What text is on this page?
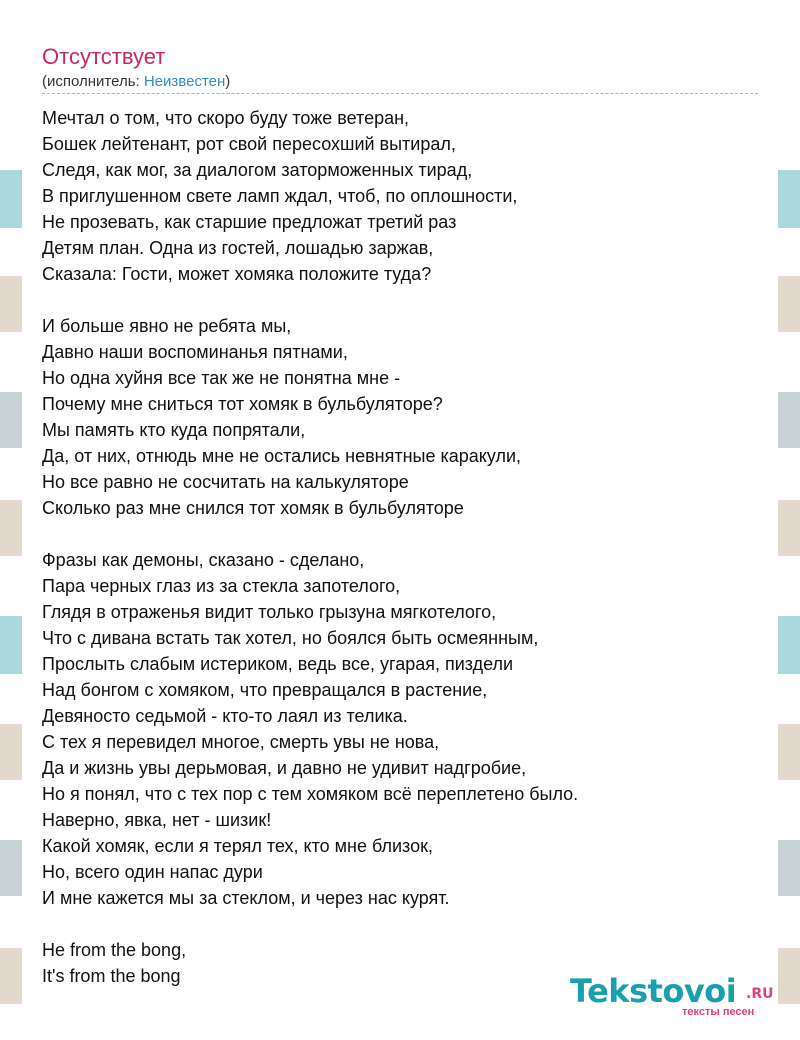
Отсутствует
(исполнитель: Неизвестен)
Мечтал о том, что скоро буду тоже ветеран,
Бошек лейтенант, рот свой пересохший вытирал,
Следя, как мог, за диалогом заторможенных тирад,
В приглушенном свете ламп ждал, чтоб, по оплошности,
Не прозевать, как старшие предложат третий раз
Детям план. Одна из гостей, лошадью заржав,
Сказала: Гости, может хомяка положите туда?
И больше явно не ребята мы,
Давно наши воспоминанья пятнами,
Но одна хуйня все так же не понятна мне -
Почему мне сниться тот хомяк в бульбуляторе?
Мы память кто куда попрятали,
Да, от них, отнюдь мне не остались невнятные каракули,
Но все равно не сосчитать на калькуляторе
Сколько раз мне снился тот хомяк в бульбуляторе
Фразы как демоны, сказано - сделано,
Пара черных глаз из за стекла запотелого,
Глядя в отраженья видит только грызуна мягкотелого,
Что с дивана встать так хотел, но боялся быть осмеянным,
Прослыть слабым истериком, ведь все, угарая, пиздели
Над бонгом с хомяком, что превращался в растение,
Девяносто седьмой - кто-то лаял из телика.
С тех я перевидел многое, смерть увы не нова,
Да и жизнь увы дерьмовая, и давно не удивит надгробие,
Но я понял, что с тех пор с тем хомяком всё переплетено было.
Наверно, явка, нет - шизик!
Какой хомяк, если я терял тех, кто мне близок,
Но, всего один напас дури
И мне кажется мы за стеклом, и через нас курят.
He from the bong,
It's from the bong	Tekstovoi .RU
тексты песен
